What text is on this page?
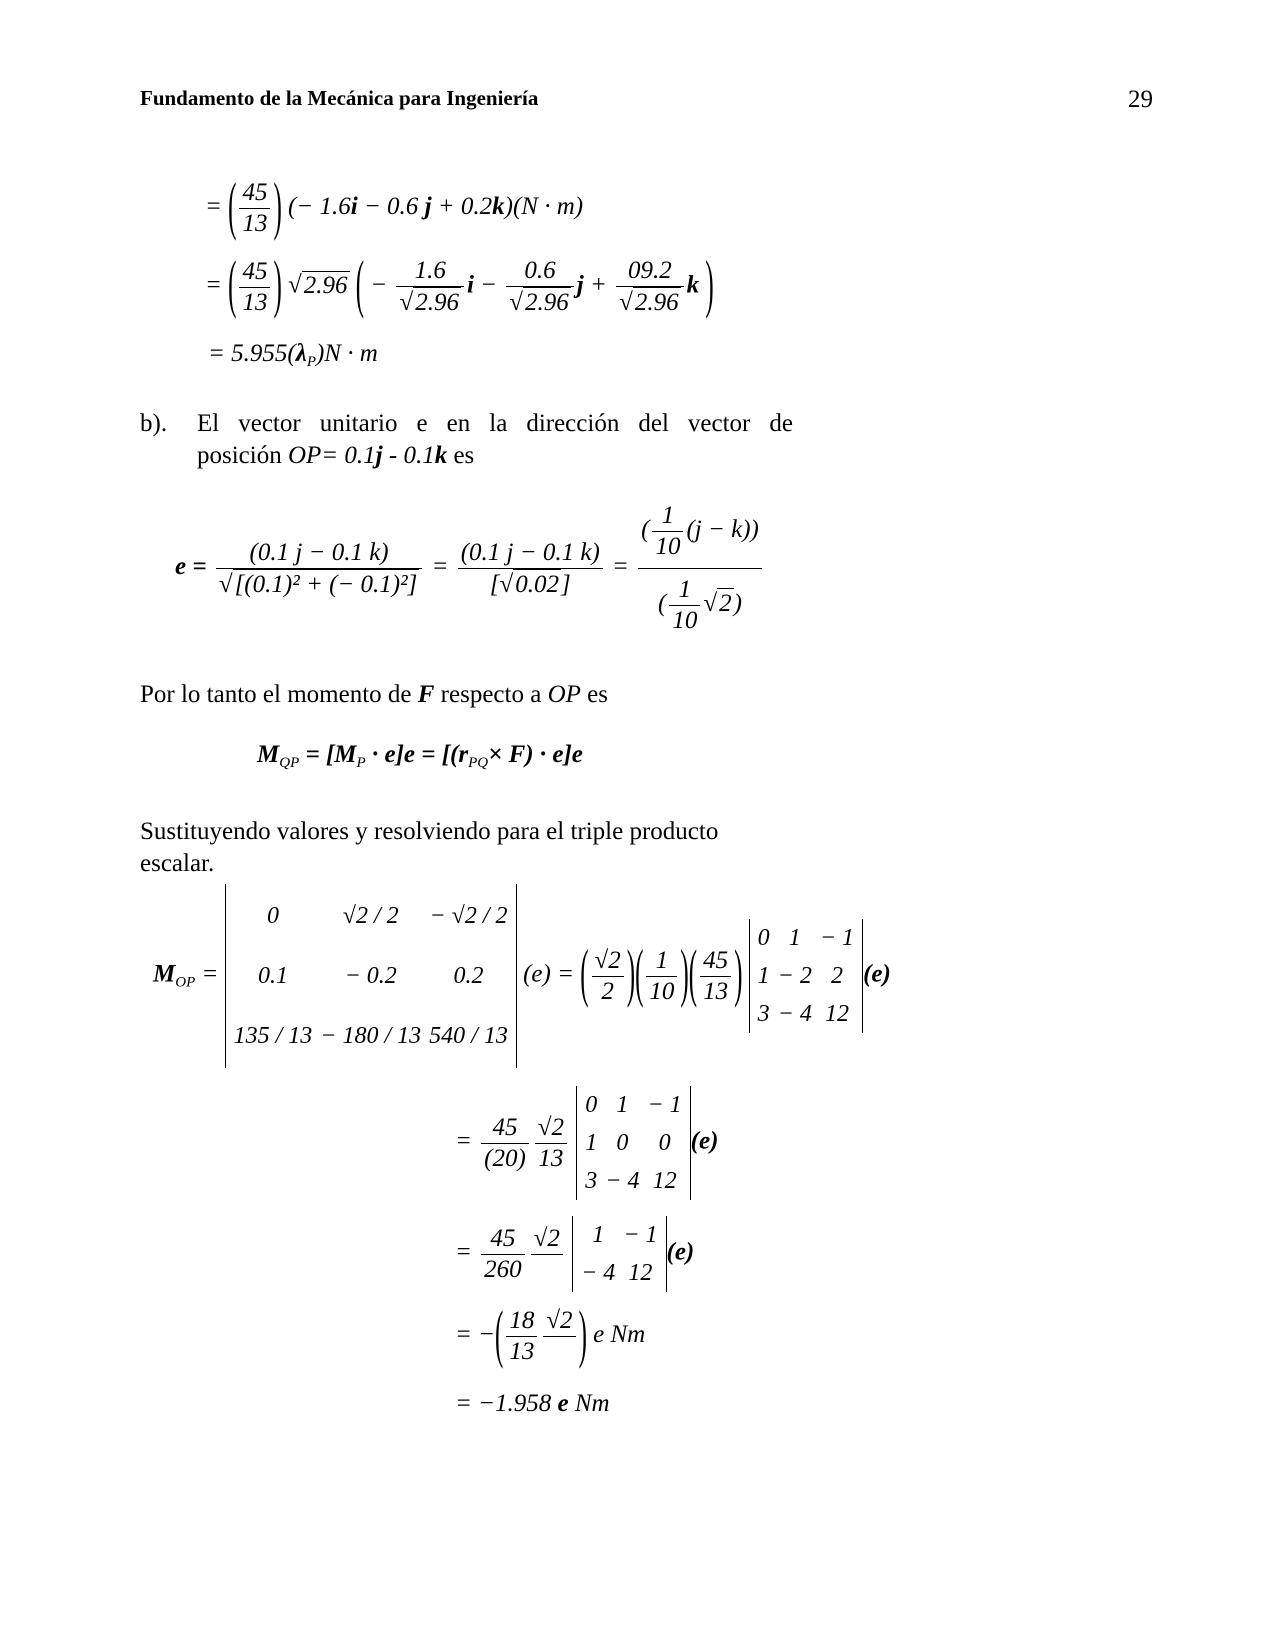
Fundamento de la Mecánica para Ingeniería	29
= ( $\frac{45}{13}$ ) (− 1.6i − 0.6 j + 0.2k)(N · m)
= ( $\frac{45}{13}$ ) √2.96 ( − $\frac{1.6}{√2.96}$ $i - \frac{0.6}{√2.96}$ $j + \frac{09.2}{√2.96}$ k )
= $5.955(\lambda_P)N \cdot m$
b). El vector unitario e en la dirección del vector de
posición OP= 0.1j - 0.1k es
$e = \frac{(0.1 j - 0.1 k)}{\text{√[(0.1)² + (− 0.1)²]}} = \frac{(0.1 j - 0.1 k)}{[√0.02]} = \frac{( \frac{1}{10} (j - k))}{( \frac{1}{10} √2)}$
Por lo tanto el momento de F respecto a OP es
$M_{QP} = [M_P \cdot e]e = [(r_{PQ}\times F) \cdot e]e$
Sustituyendo valores y resolviendo para el triple producto
escalar.
$M_{OP}$ =
0	√2 / 2	− √2 / 2
0.1	− 0.2	0.2
135 / 13	− 180 / 13	540 / 13
(e) = ( $\frac{√2}{2}$ )( $\frac{1}{10}$ )( $\frac{45}{13}$ )
0	1	− 1
1	− 2	2
3	− 4	12
(e)
= $\frac{45}{(20)} \frac{√2}{13}$

0	1	− 1
1	0	0
3	− 4	12
(e)
= $\frac{45}{260} √2$

1	− 1
− 4	12
(e)
= −( $\frac{18}{13} √2$
) e Nm
= −1.958 e Nm
